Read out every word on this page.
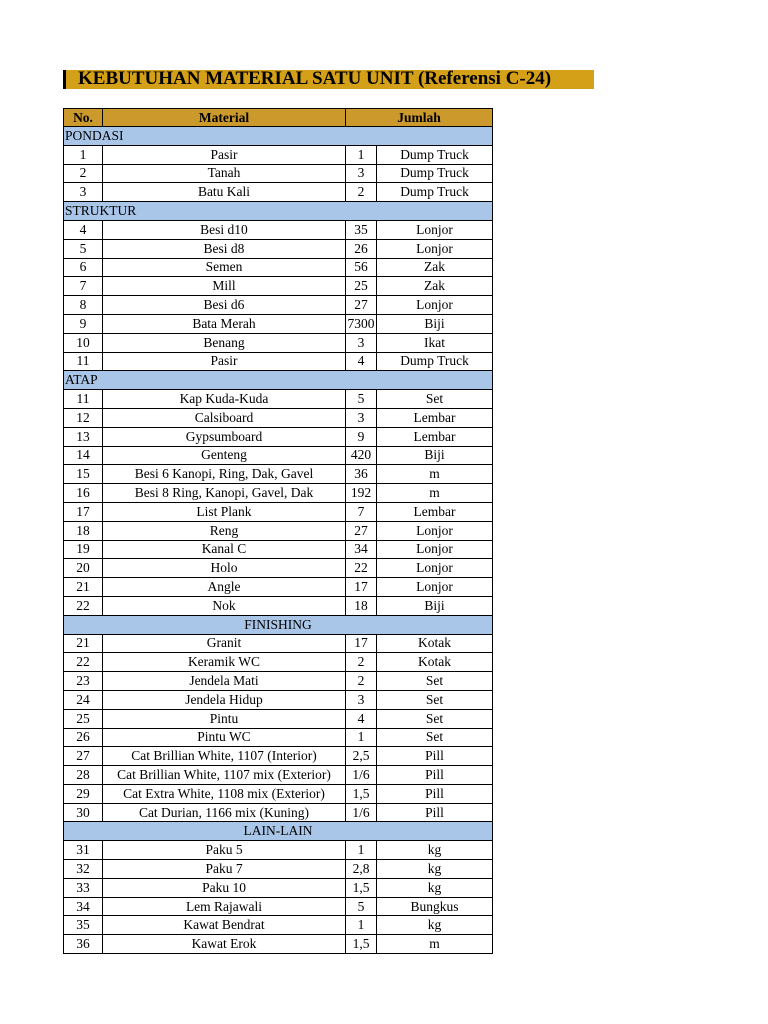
KEBUTUHAN MATERIAL SATU UNIT (Referensi C-24)
No.	Material	Jumlah	
PONDASI			
1	Pasir	1	Dump Truck
2	Tanah	3	Dump Truck
3	Batu Kali	2	Dump Truck
STRUKTUR			
4	Besi d10	35	Lonjor
5	Besi d8	26	Lonjor
6	Semen	56	Zak
7	Mill	25	Zak
8	Besi d6	27	Lonjor
9	Bata Merah	7300	Biji
10	Benang	3	Ikat
11	Pasir	4	Dump Truck
ATAP			
11	Kap Kuda-Kuda	5	Set
12	Calsiboard	3	Lembar
13	Gypsumboard	9	Lembar
14	Genteng	420	Biji
15	Besi 6 Kanopi, Ring, Dak, Gavel	36	m
16	Besi 8 Ring, Kanopi, Gavel, Dak	192	m
17	List Plank	7	Lembar
18	Reng	27	Lonjor
19	Kanal C	34	Lonjor
20	Holo	22	Lonjor
21	Angle	17	Lonjor
22	Nok	18	Biji
FINISHING			
21	Granit	17	Kotak
22	Keramik WC	2	Kotak
23	Jendela Mati	2	Set
24	Jendela Hidup	3	Set
25	Pintu	4	Set
26	Pintu WC	1	Set
27	Cat Brillian White, 1107 (Interior)	2,5	Pill
28	Cat Brillian White, 1107 mix (Exterior)	1/6	Pill
29	Cat Extra White, 1108 mix (Exterior)	1,5	Pill
30	Cat Durian, 1166 mix (Kuning)	1/6	Pill
LAIN-LAIN			
31	Paku 5	1	kg
32	Paku 7	2,8	kg
33	Paku 10	1,5	kg
34	Lem Rajawali	5	Bungkus
35	Kawat Bendrat	1	kg
36	Kawat Erok	1,5	m
